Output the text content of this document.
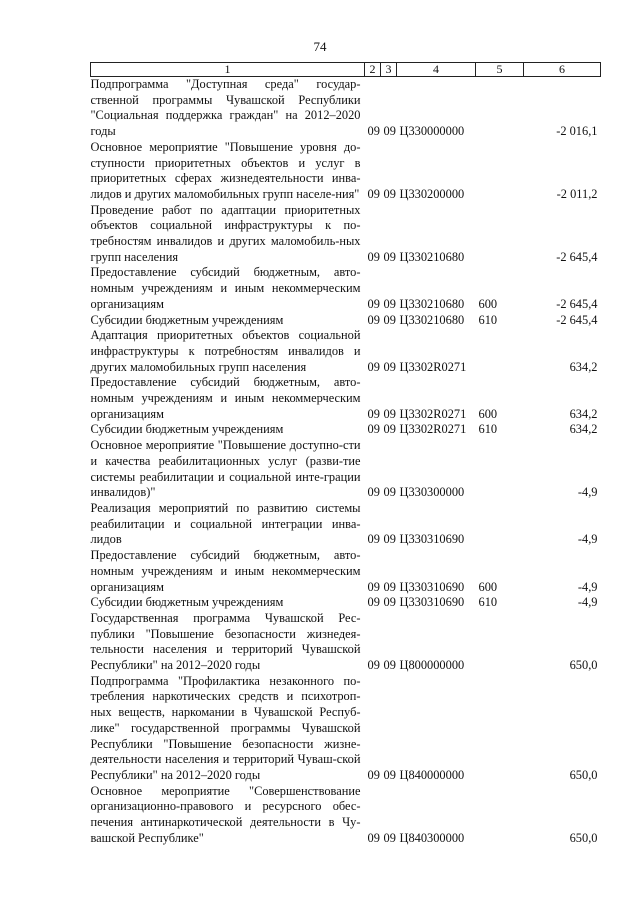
74
1	2	3	4	5	6
Подпрограмма "Доступная среда" государ-ственной программы Чувашской Республики "Социальная поддержка граждан" на 2012–2020 годы	09	09	Ц330000000		-2 016,1
Основное мероприятие "Повышение уровня до-ступности приоритетных объектов и услуг в приоритетных сферах жизнедеятельности инва-лидов и других маломобильных групп населе-ния"	09	09	Ц330200000		-2 011,2
Проведение работ по адаптации приоритетных объектов социальной инфраструктуры к по-требностям инвалидов и других маломобиль-ных групп населения	09	09	Ц330210680		-2 645,4
Предоставление субсидий бюджетным, авто-номным учреждениям и иным некоммерческим организациям	09	09	Ц330210680	600	-2 645,4
Субсидии бюджетным учреждениям	09	09	Ц330210680	610	-2 645,4
Адаптация приоритетных объектов социальной инфраструктуры к потребностям инвалидов и других маломобильных групп населения	09	09	Ц3302R0271		634,2
Предоставление субсидий бюджетным, авто-номным учреждениям и иным некоммерческим организациям	09	09	Ц3302R0271	600	634,2
Субсидии бюджетным учреждениям	09	09	Ц3302R0271	610	634,2
Основное мероприятие "Повышение доступно-сти и качества реабилитационных услуг (разви-тие системы реабилитации и социальной инте-грации инвалидов)"	09	09	Ц330300000		-4,9
Реализация мероприятий по развитию системы реабилитации и социальной интеграции инва-лидов	09	09	Ц330310690		-4,9
Предоставление субсидий бюджетным, авто-номным учреждениям и иным некоммерческим организациям	09	09	Ц330310690	600	-4,9
Субсидии бюджетным учреждениям	09	09	Ц330310690	610	-4,9
Государственная программа Чувашской Рес-публики "Повышение безопасности жизнедея-тельности населения и территорий Чувашской Республики" на 2012–2020 годы	09	09	Ц800000000		650,0
Подпрограмма "Профилактика незаконного по-требления наркотических средств и психотроп-ных веществ, наркомании в Чувашской Респуб-лике" государственной программы Чувашской Республики "Повышение безопасности жизне-деятельности населения и территорий Чуваш-ской Республики" на 2012–2020 годы	09	09	Ц840000000		650,0
Основное мероприятие "Совершенствование организационно-правового и ресурсного обес-печения антинаркотической деятельности в Чу-вашской Республике"	09	09	Ц840300000		650,0
